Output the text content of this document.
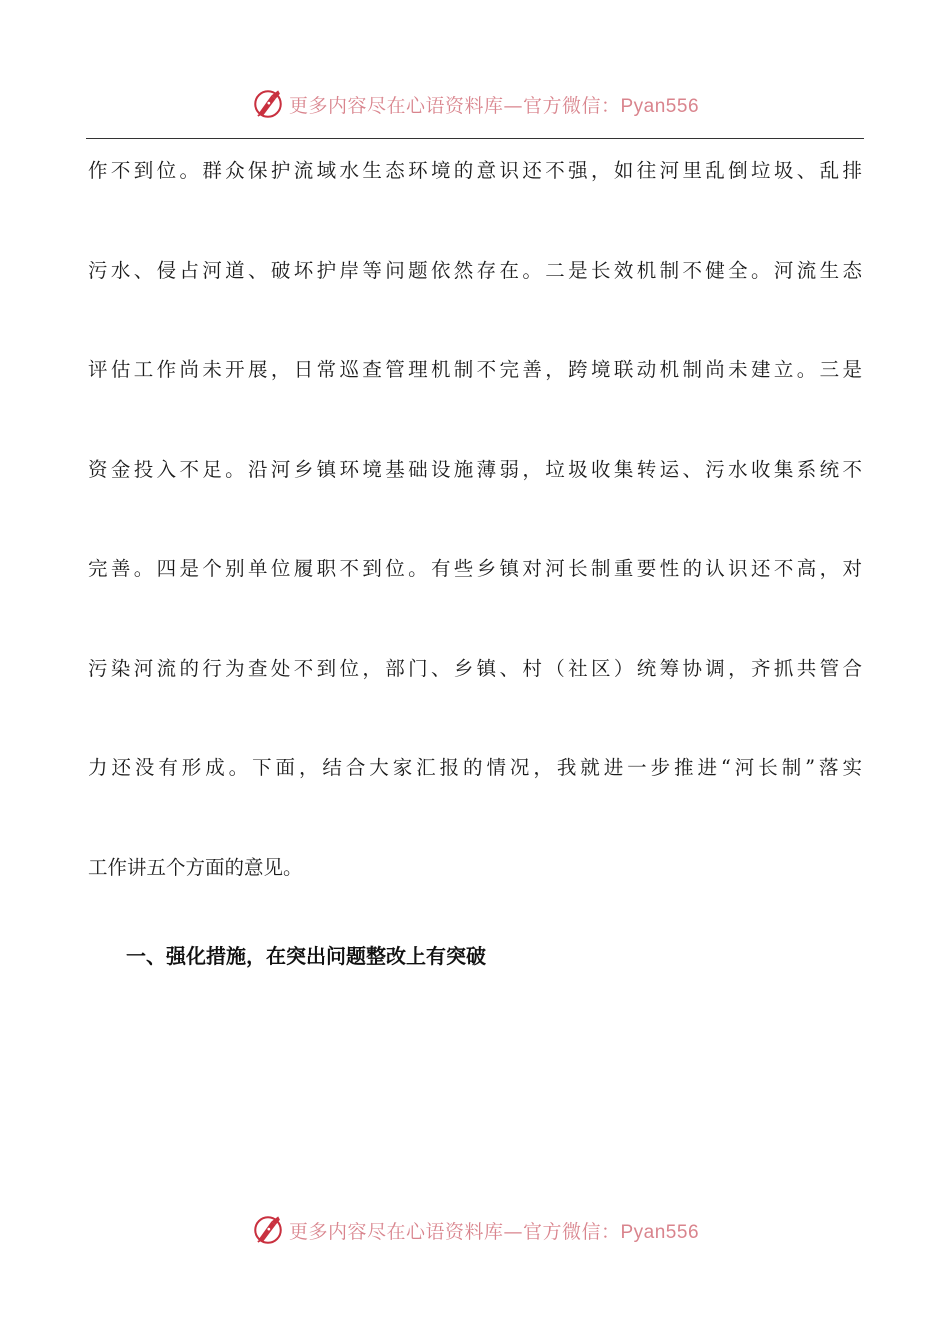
更多内容尽在心语资料库—官方微信：Pyan556
作不到位。群众保护流域水生态环境的意识还不强，如往河里乱倒垃圾、乱排
污水、侵占河道、破坏护岸等问题依然存在。二是长效机制不健全。河流生态
评估工作尚未开展，日常巡查管理机制不完善，跨境联动机制尚未建立。三是
资金投入不足。沿河乡镇环境基础设施薄弱，垃圾收集转运、污水收集系统不
完善。四是个别单位履职不到位。有些乡镇对河长制重要性的认识还不高，对
污染河流的行为查处不到位，部门、乡镇、村（社区）统筹协调，齐抓共管合
力还没有形成。下面，结合大家汇报的情况，我就进一步推进“河长制”落实
工作讲五个方面的意见。
一、强化措施，在突出问题整改上有突破
更多内容尽在心语资料库—官方微信：Pyan556
